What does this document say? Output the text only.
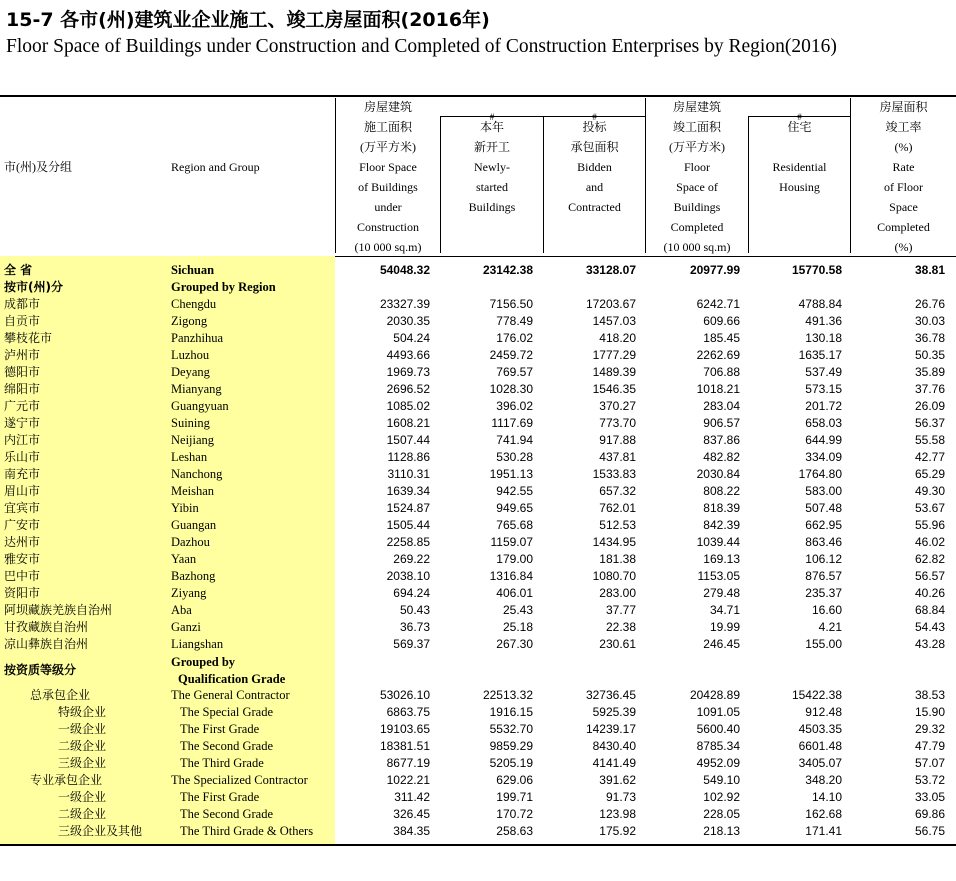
15-7 各市(州)建筑业企业施工、竣工房屋面积(2016年)
Floor Space of Buildings under Construction and Completed of Construction Enterprises by Region(2016)
市(州)及分组	Region and Group
房屋建筑
施工面积
(万平方米)
Floor Space
of Buildings
under
Construction
(10 000 sq.m)
#
本年
新开工
Newly-
started
Buildings
#
投标
承包面积
Bidden
and
Contracted
房屋建筑
竣工面积
(万平方米)
Floor
Space of
Buildings
Completed
(10 000 sq.m)
#
住宅
Residential
Housing
房屋面积
竣工率
(%)
Rate
of Floor
Space
Completed
(%)
全 省	Sichuan	54048.32	23142.38	33128.07	20977.99	15770.58	38.81
按市(州)分	Grouped by Region
成都市	Chengdu	23327.39	7156.50	17203.67	6242.71	4788.84	26.76
自贡市	Zigong	2030.35	778.49	1457.03	609.66	491.36	30.03
攀枝花市	Panzhihua	504.24	176.02	418.20	185.45	130.18	36.78
泸州市	Luzhou	4493.66	2459.72	1777.29	2262.69	1635.17	50.35
德阳市	Deyang	1969.73	769.57	1489.39	706.88	537.49	35.89
绵阳市	Mianyang	2696.52	1028.30	1546.35	1018.21	573.15	37.76
广元市	Guangyuan	1085.02	396.02	370.27	283.04	201.72	26.09
遂宁市	Suining	1608.21	1117.69	773.70	906.57	658.03	56.37
内江市	Neijiang	1507.44	741.94	917.88	837.86	644.99	55.58
乐山市	Leshan	1128.86	530.28	437.81	482.82	334.09	42.77
南充市	Nanchong	3110.31	1951.13	1533.83	2030.84	1764.80	65.29
眉山市	Meishan	1639.34	942.55	657.32	808.22	583.00	49.30
宜宾市	Yibin	1524.87	949.65	762.01	818.39	507.48	53.67
广安市	Guangan	1505.44	765.68	512.53	842.39	662.95	55.96
达州市	Dazhou	2258.85	1159.07	1434.95	1039.44	863.46	46.02
雅安市	Yaan	269.22	179.00	181.38	169.13	106.12	62.82
巴中市	Bazhong	2038.10	1316.84	1080.70	1153.05	876.57	56.57
资阳市	Ziyang	694.24	406.01	283.00	279.48	235.37	40.26
阿坝藏族羌族自治州	Aba	50.43	25.43	37.77	34.71	16.60	68.84
甘孜藏族自治州	Ganzi	36.73	25.18	22.38	19.99	4.21	54.43
凉山彝族自治州	Liangshan	569.37	267.30	230.61	246.45	155.00	43.28
按资质等级分
Grouped by
Qualification Grade
总承包企业	The General Contractor	53026.10	22513.32	32736.45	20428.89	15422.38	38.53
特级企业	The Special Grade	6863.75	1916.15	5925.39	1091.05	912.48	15.90
一级企业	The First Grade	19103.65	5532.70	14239.17	5600.40	4503.35	29.32
二级企业	The Second Grade	18381.51	9859.29	8430.40	8785.34	6601.48	47.79
三级企业	The Third Grade	8677.19	5205.19	4141.49	4952.09	3405.07	57.07
专业承包企业	The Specialized Contractor	1022.21	629.06	391.62	549.10	348.20	53.72
一级企业	The First Grade	311.42	199.71	91.73	102.92	14.10	33.05
二级企业	The Second Grade	326.45	170.72	123.98	228.05	162.68	69.86
三级企业及其他	The Third Grade & Others	384.35	258.63	175.92	218.13	171.41	56.75
